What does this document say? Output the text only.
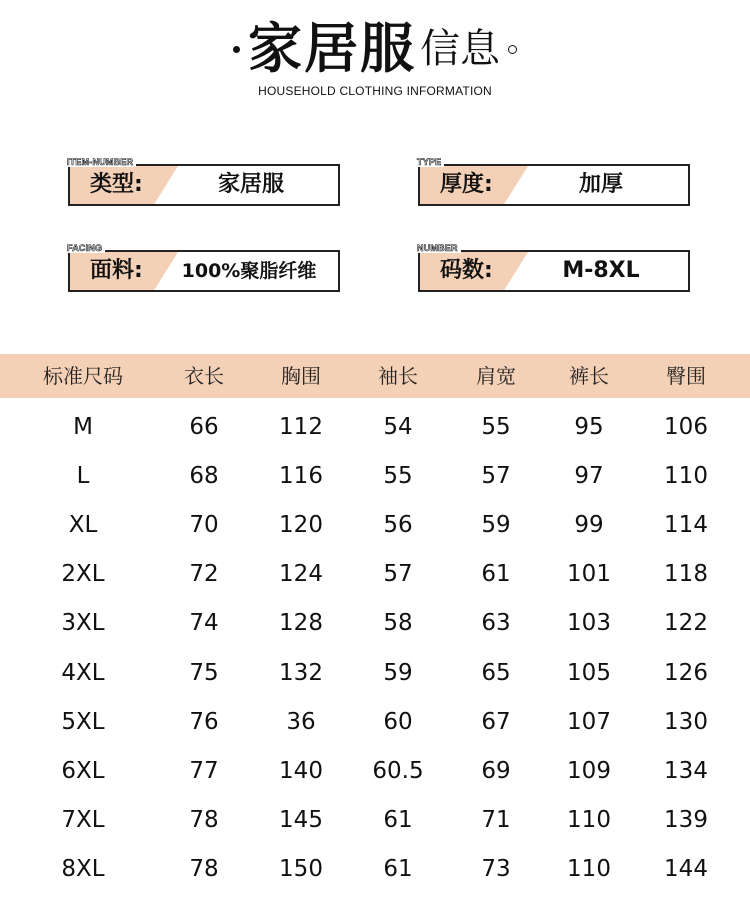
家居服 信息
HOUSEHOLD CLOTHING INFORMATION
ITEM-NUMBER
类型:	家居服
TYPE
厚度:	加厚
FACING
面料:	100%聚脂纤维
NUMBER
码数:	M-8XL
标准尺码	衣长	胸围	袖长	肩宽	裤长	臀围
M	66	112	54	55	95	106
L	68	116	55	57	97	110
XL	70	120	56	59	99	114
2XL	72	124	57	61	101	118
3XL	74	128	58	63	103	122
4XL	75	132	59	65	105	126
5XL	76	36	60	67	107	130
6XL	77	140	60.5	69	109	134
7XL	78	145	61	71	110	139
8XL	78	150	61	73	110	144
